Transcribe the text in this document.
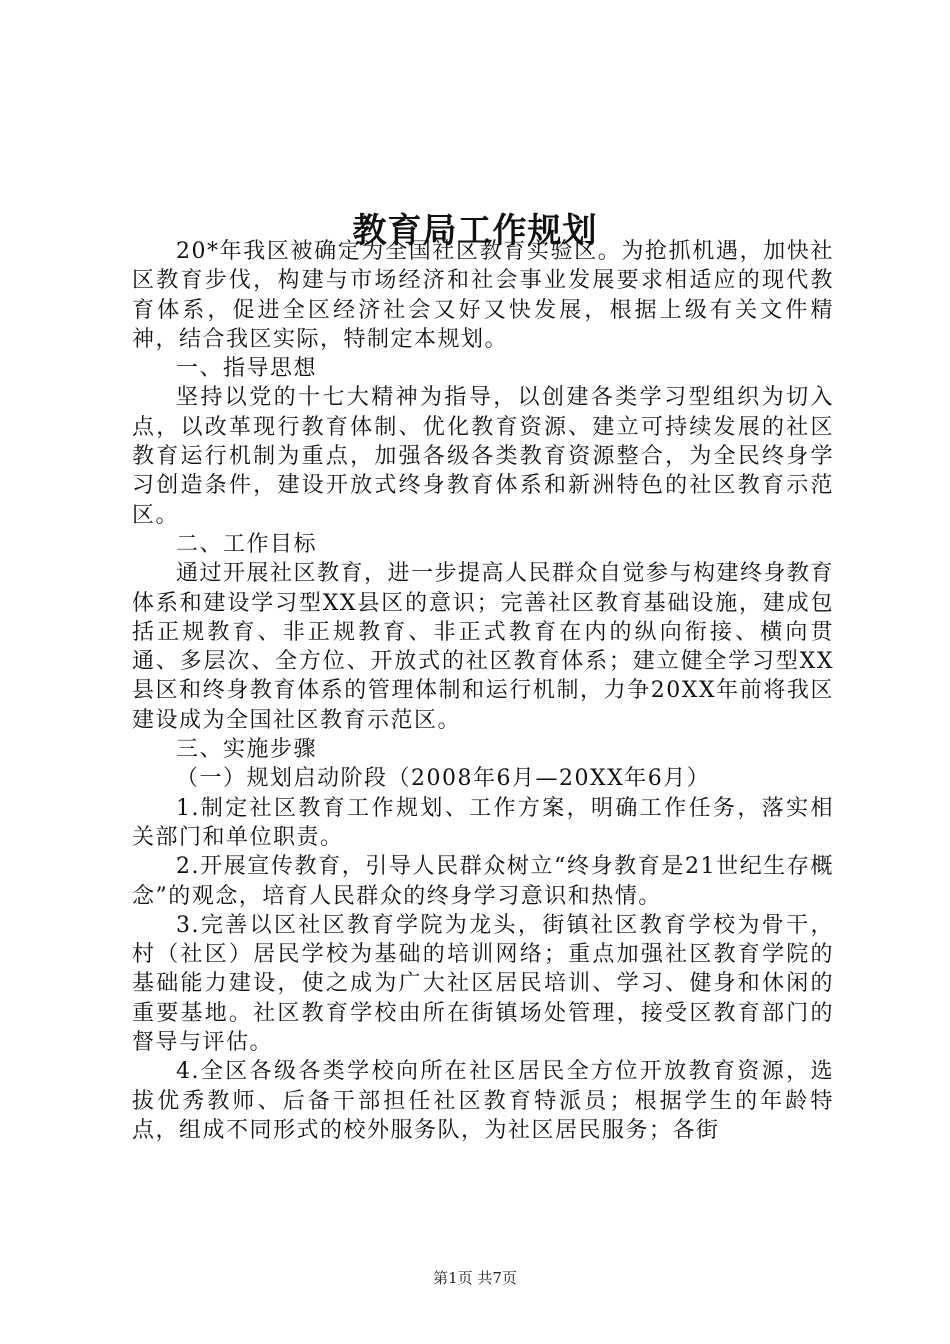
教育局工作规划

20*年我区被确定为全国社区教育实验区。为抢抓机遇，加快社区教育步伐，构建与市场经济和社会事业发展要求相适应的现代教育体系，促进全区经济社会又好又快发展，根据上级有关文件精神，结合我区实际，特制定本规划。

一、指导思想

坚持以党的十七大精神为指导，以创建各类学习型组织为切入点，以改革现行教育体制、优化教育资源、建立可持续发展的社区教育运行机制为重点，加强各级各类教育资源整合，为全民终身学习创造条件，建设开放式终身教育体系和新洲特色的社区教育示范区。

二、工作目标

通过开展社区教育，进一步提高人民群众自觉参与构建终身教育体系和建设学习型XX县区的意识；完善社区教育基础设施，建成包括正规教育、非正规教育、非正式教育在内的纵向衔接、横向贯通、多层次、全方位、开放式的社区教育体系；建立健全学习型XX县区和终身教育体系的管理体制和运行机制，力争20XX年前将我区建设成为全国社区教育示范区。

三、实施步骤

（一）规划启动阶段（2008年6月—20XX年6月）

1.制定社区教育工作规划、工作方案，明确工作任务，落实相关部门和单位职责。

2.开展宣传教育，引导人民群众树立“终身教育是21世纪生存概念”的观念，培育人民群众的终身学习意识和热情。

3.完善以区社区教育学院为龙头，街镇社区教育学校为骨干，村（社区）居民学校为基础的培训网络；重点加强社区教育学院的基础能力建设，使之成为广大社区居民培训、学习、健身和休闲的重要基地。社区教育学校由所在街镇场处管理，接受区教育部门的督导与评估。

4.全区各级各类学校向所在社区居民全方位开放教育资源，选拔优秀教师、后备干部担任社区教育特派员；根据学生的年龄特点，组成不同形式的校外服务队，为社区居民服务；各街

第1页 共7页
